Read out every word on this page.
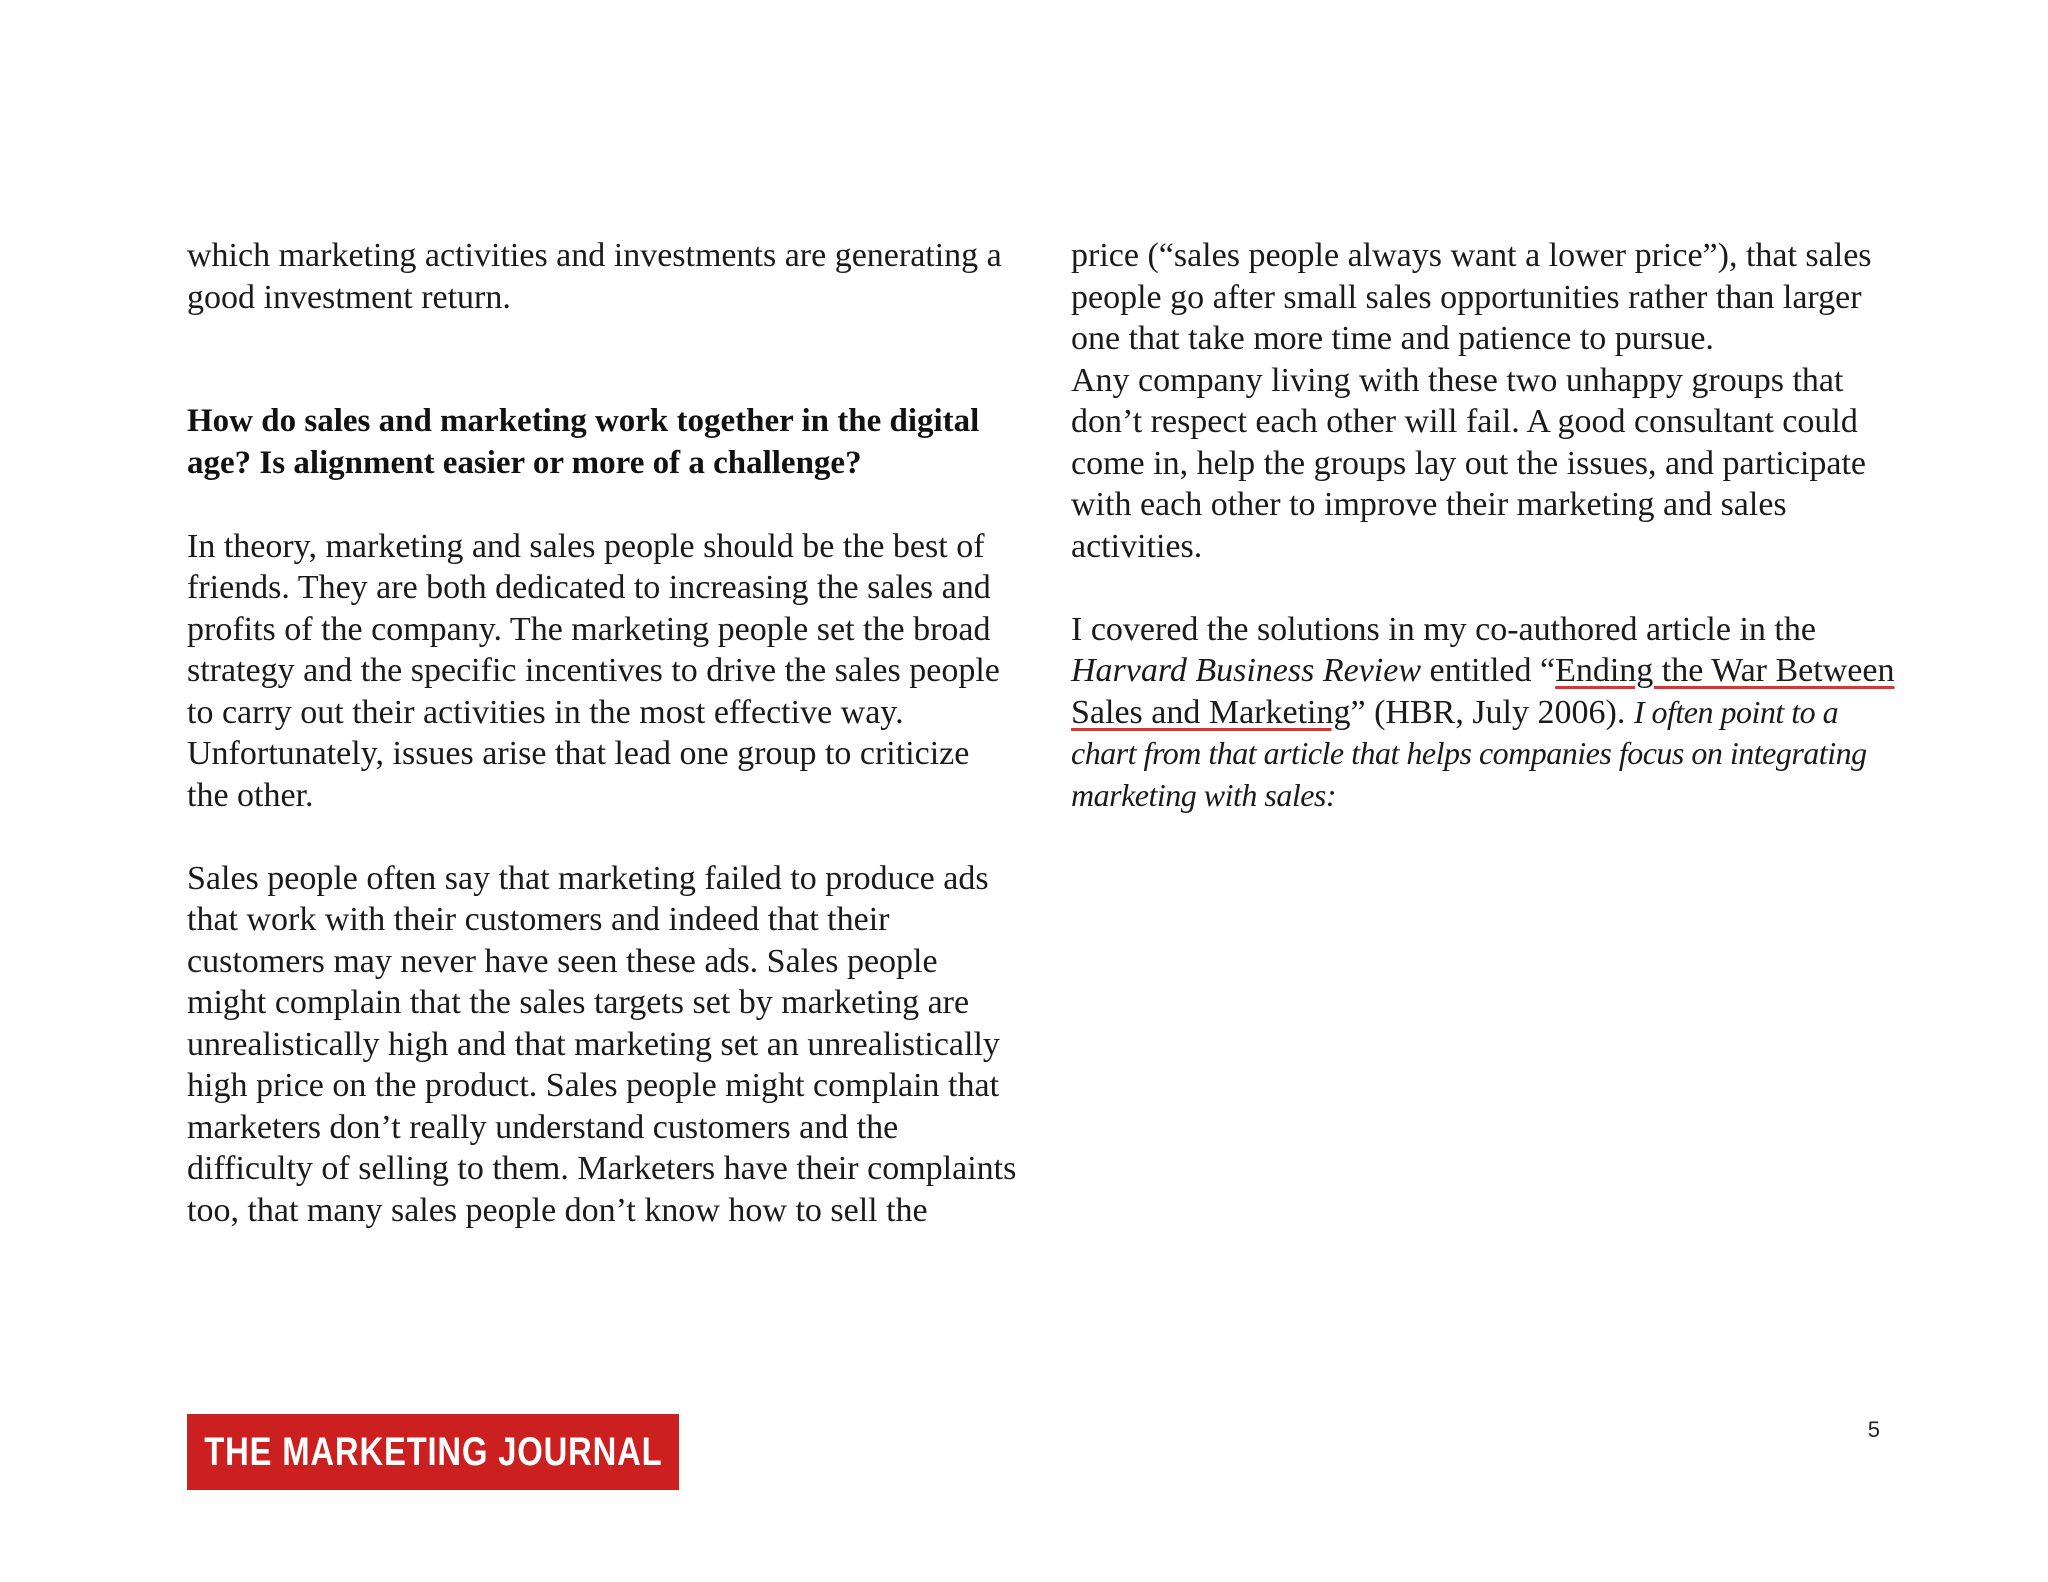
which marketing activities and investments are generating a good investment return.

How do sales and marketing work together in the digital age? Is alignment easier or more of a challenge?

In theory, marketing and sales people should be the best of friends. They are both dedicated to increasing the sales and profits of the company. The marketing people set the broad strategy and the specific incentives to drive the sales people to carry out their activities in the most effective way. Unfortunately, issues arise that lead one group to criticize the other.

Sales people often say that marketing failed to produce ads that work with their customers and indeed that their customers may never have seen these ads. Sales people might complain that the sales targets set by marketing are unrealistically high and that marketing set an unrealistically high price on the product. Sales people might complain that marketers don’t really understand customers and the difficulty of selling to them. Marketers have their complaints too, that many sales people don’t know how to sell the

price (“sales people always want a lower price”), that sales people go after small sales opportunities rather than larger one that take more time and patience to pursue.

Any company living with these two unhappy groups that don’t respect each other will fail. A good consultant could come in, help the groups lay out the issues, and participate with each other to improve their marketing and sales activities.

I covered the solutions in my co-authored article in the Harvard Business Review entitled “Ending the War Between Sales and Marketing” (HBR, July 2006). I often point to a chart from that article that helps companies focus on integrating marketing with sales:

THE MARKETING JOURNAL	5
